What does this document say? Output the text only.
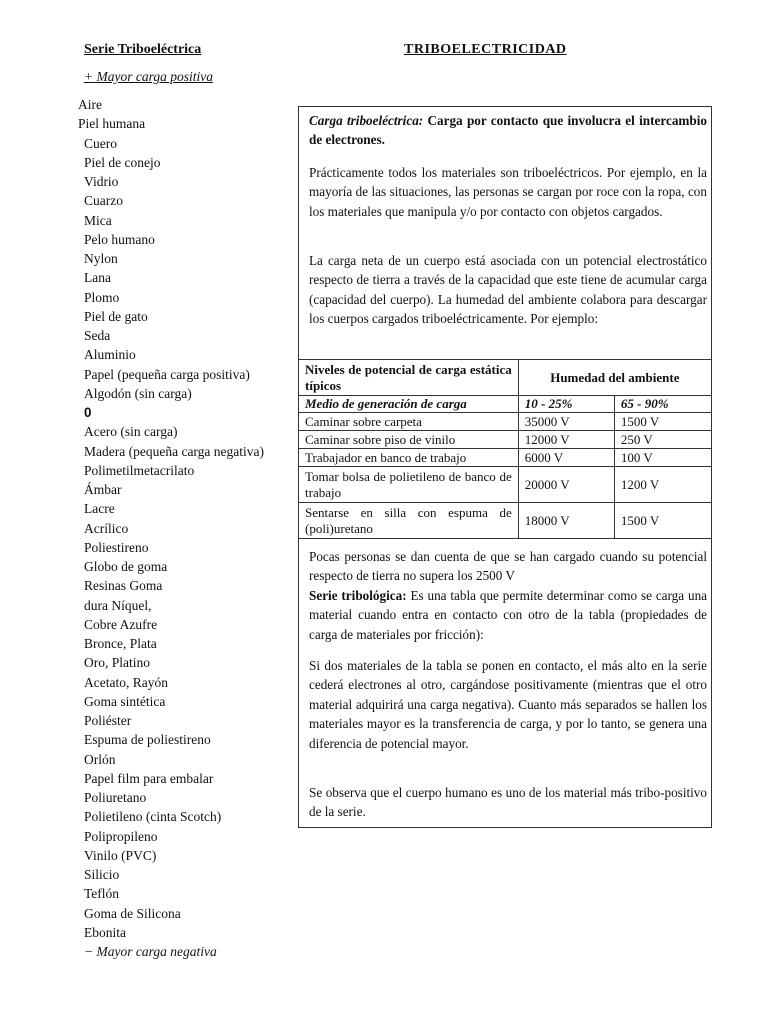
Serie Triboeléctrica	TRIBOELECTRICIDAD
+ Mayor carga positiva
Aire
Piel humana
Cuero
Piel de conejo
Vidrio
Cuarzo
Mica
Pelo humano
Nylon
Lana
Plomo
Piel de gato
Seda
Aluminio
Papel (pequeña carga positiva)
Algodón (sin carga)
0
Acero (sin carga)
Madera (pequeña carga negativa)
Polimetilmetacrilato
Ámbar
Lacre
Acrílico
Poliestireno
Globo de goma
Resinas Goma
dura Níquel,
Cobre Azufre
Bronce, Plata
Oro, Platino
Acetato, Rayón
Goma sintética
Poliéster
Espuma de poliestireno
Orlón
Papel film para embalar
Poliuretano
Polietileno (cinta Scotch)
Polipropileno
Vinilo (PVC)
Silicio
Teflón
Goma de Silicona
Ebonita
− Mayor carga negativa
Carga triboeléctrica: Carga por contacto que involucra el intercambio de electrones.
Prácticamente todos los materiales son triboeléctricos. Por ejemplo, en la mayoría de las situaciones, las personas se cargan por roce con la ropa, con los materiales que manipula y/o por contacto con objetos cargados.
La carga neta de un cuerpo está asociada con un potencial electrostático respecto de tierra a través de la capacidad que este tiene de acumular carga (capacidad del cuerpo). La humedad del ambiente colabora para descargar los cuerpos cargados triboeléctricamente. Por ejemplo:
Niveles de potencial de carga estática típicos	Humedad del ambiente	
Medio de generación de carga	10 - 25%	65 - 90%
Caminar sobre carpeta	35000 V	1500 V
Caminar sobre piso de vinilo	12000 V	250 V
Trabajador en banco de trabajo	6000 V	100 V
Tomar bolsa de polietileno de banco de trabajo	20000 V	1200 V
Sentarse en silla con espuma de (poli)uretano	18000 V	1500 V
Pocas personas se dan cuenta de que se han cargado cuando su potencial respecto de tierra no supera los 2500 V
Serie tribológica: Es una tabla que permite determinar como se carga una material cuando entra en contacto con otro de la tabla (propiedades de carga de materiales por fricción):
Si dos materiales de la tabla se ponen en contacto, el más alto en la serie cederá electrones al otro, cargándose positivamente (mientras que el otro material adquirirá una carga negativa). Cuanto más separados se hallen los materiales mayor es la transferencia de carga, y por lo tanto, se genera una diferencia de potencial mayor.
Se observa que el cuerpo humano es uno de los material más tribo-positivo de la serie.
